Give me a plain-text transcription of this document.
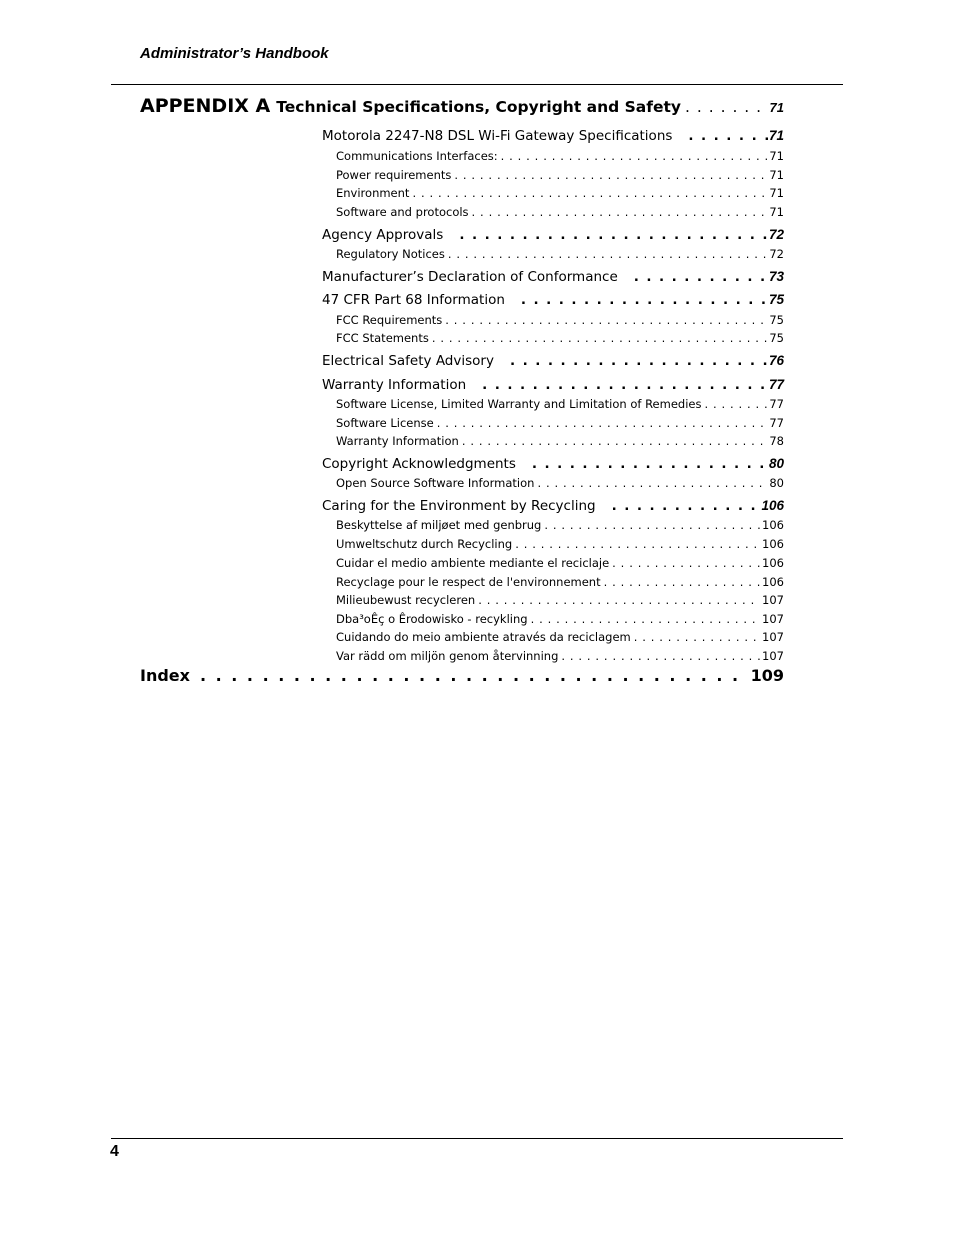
Administrator’s Handbook
APPENDIX A Technical Specifications, Copyright and Safety . . .	71
Motorola 2247-N8 DSL Wi-Fi Gateway Specifications . . .	71
Communications Interfaces: . . .	71
Power requirements . . .	71
Environment . . .	71
Software and protocols . . .	71
Agency Approvals . . .	72
Regulatory Notices . . .	72
Manufacturer’s Declaration of Conformance . . .	73
47 CFR Part 68 Information . . .	75
FCC Requirements . . .	75
FCC Statements . . .	75
Electrical Safety Advisory . . .	76
Warranty Information . . .	77
Software License, Limited Warranty and Limitation of Remedies . . .	77
Software License . . .	77
Warranty Information . . .	78
Copyright Acknowledgments . . .	80
Open Source Software Information . . .	80
Caring for the Environment by Recycling . . .	106
Beskyttelse af miljøet med genbrug . . .	106
Umweltschutz durch Recycling . . .	106
Cuidar el medio ambiente mediante el reciclaje . . .	106
Recyclage pour le respect de l'environnement . . .	106
Milieubewust recycleren . . .	107
Dba³oÊç o Êrodowisko - recykling . . .	107
Cuidando do meio ambiente através da reciclagem . . .	107
Var rädd om miljön genom återvinning . . .	107
Index . . .	109
4
